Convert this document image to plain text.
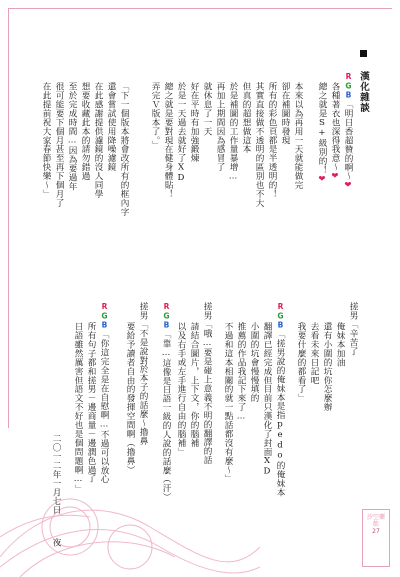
漢化雜談
RGB「明日香超贊的啊～❤
各種著衣也深得我意～❤
總之就是S+級別的！❤
本來以為再用一天就能做完
卻在補圖時發現
所有的彩色頁都是半透明的！
其實直接做不透明的區別也不大
但真的超想做這本
於是補圖的工作量暴增…
再加上期間因為感冒了
就休息了一天
好在平時有加強鍛煉
於是一天過去就好了XD
總之就是要對現在健身體貼！
弄完Ｖ版本了。」
「下一個版本將會改所有的框內字
還會嘗試使用降噪濾鏡
在此感謝提供濾鏡的沒人同學
想要收藏此本的請勿錯過
至於完成時間…因為要過年
很可能要下個月甚至再下個月了
在此提前祝大家春節快樂～」
搓男「辛苦了
俺妹本加油
還有小圍的坑你怎麼辦
去看未來日記吧
我要什麼的都看了」
RGB「搓男說的俺妹本是指pedo的俺妹本
翻譯已經完成但目前只漢化了封面XD
小圍的坑會慢慢填的
推薦的作品我記下來了…
不過和這本相關的就一點話都沒有麼～」
搓男「哦…要是碰上意義不明的翻譯的話
請結合圖片，上下文，你的腦補
以及右手或左手進行自由的腦補」
RGB「靠…這像是日語一級的人說的話麼（汗）
搓男「不是說對於本子的話麼～擼鼻
要給予讀者自由的發揮空間啊（擼鼻）
RGB「你這完全是在自慰啊…不過可以放心
所有句子都和搓男－邊商量－邊潤色過了
日語雖然厲害但語文不好也是個問題啊…」
二〇一二年一月七日
夜
汐空藥飲
27
